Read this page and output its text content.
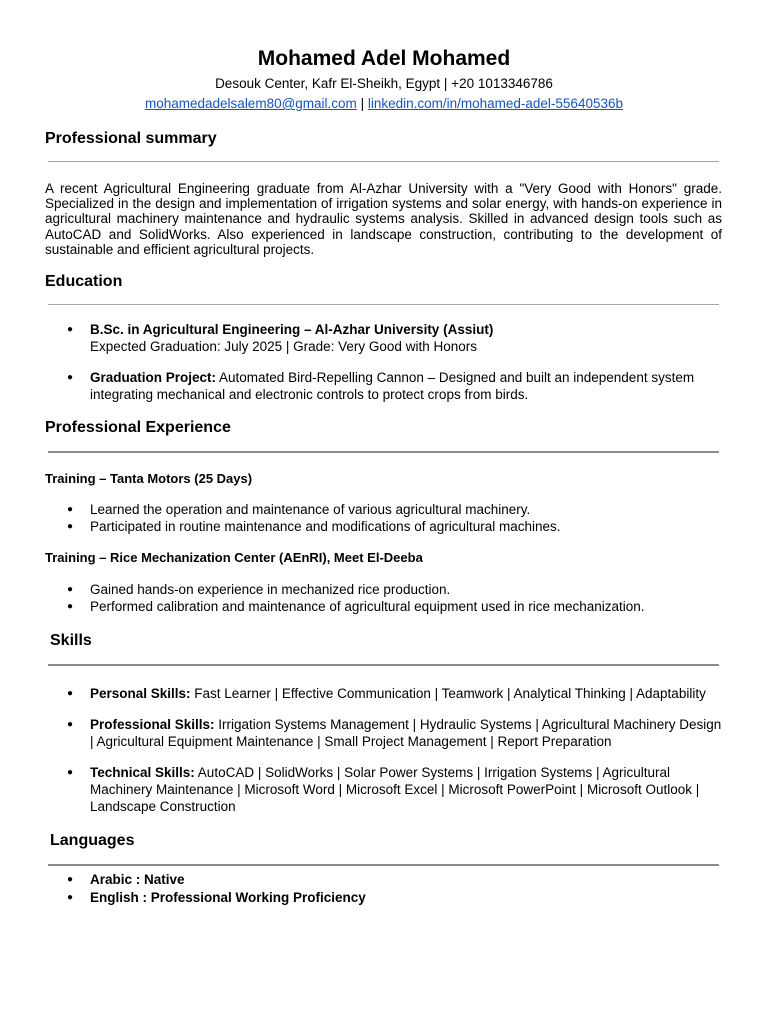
Mohamed Adel Mohamed
Desouk Center, Kafr El-Sheikh, Egypt | +20 1013346786
mohamedadelsalem80@gmail.com | linkedin.com/in/mohamed-adel-55640536b
Professional summary

A recent Agricultural Engineering graduate from Al-Azhar University with a "Very Good with Honors" grade. Specialized in the design and implementation of irrigation systems and solar energy, with hands-on experience in agricultural machinery maintenance and hydraulic systems analysis. Skilled in advanced design tools such as AutoCAD and SolidWorks. Also experienced in landscape construction, contributing to the development of sustainable and efficient agricultural projects.

Education
● B.Sc. in Agricultural Engineering – Al-Azhar University (Assiut)
Expected Graduation: July 2025 | Grade: Very Good with Honors
● Graduation Project: Automated Bird-Repelling Cannon – Designed and built an independent system integrating mechanical and electronic controls to protect crops from birds.
Professional Experience
Training – Tanta Motors (25 Days)
● Learned the operation and maintenance of various agricultural machinery.
● Participated in routine maintenance and modifications of agricultural machines.
Training – Rice Mechanization Center (AEnRI), Meet El-Deeba
● Gained hands-on experience in mechanized rice production.
● Performed calibration and maintenance of agricultural equipment used in rice mechanization.
Skills
● Personal Skills: Fast Learner | Effective Communication | Teamwork | Analytical Thinking | Adaptability
● Professional Skills: Irrigation Systems Management | Hydraulic Systems | Agricultural Machinery Design | Agricultural Equipment Maintenance | Small Project Management | Report Preparation
● Technical Skills: AutoCAD | SolidWorks | Solar Power Systems | Irrigation Systems | Agricultural Machinery Maintenance | Microsoft Word | Microsoft Excel | Microsoft PowerPoint | Microsoft Outlook | Landscape Construction
Languages
● Arabic : Native
● English : Professional Working Proficiency
